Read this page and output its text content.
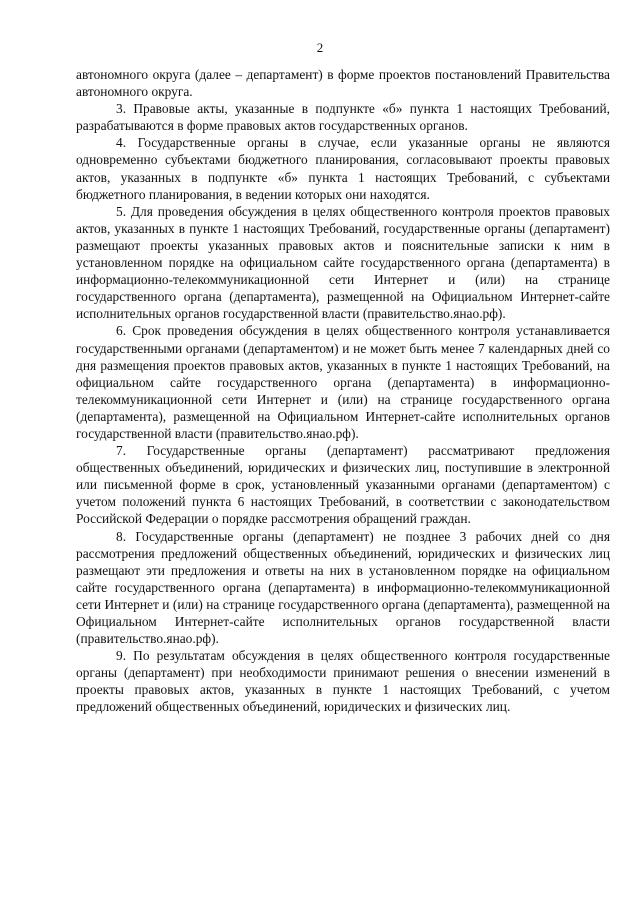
2

автономного округа (далее – департамент) в форме проектов постановлений Правительства автономного округа.

3. Правовые акты, указанные в подпункте «б» пункта 1 настоящих Требований, разрабатываются в форме правовых актов государственных органов.

4. Государственные органы в случае, если указанные органы не являются одновременно субъектами бюджетного планирования, согласовывают проекты правовых актов, указанных в подпункте «б» пункта 1 настоящих Требований, с субъектами бюджетного планирования, в ведении которых они находятся.

5. Для проведения обсуждения в целях общественного контроля проектов правовых актов, указанных в пункте 1 настоящих Требований, государственные органы (департамент) размещают проекты указанных правовых актов и пояснительные записки к ним в установленном порядке на официальном сайте государственного органа (департамента) в информационно-телекоммуникационной сети Интернет и (или) на странице государственного органа (департамента), размещенной на Официальном Интернет-сайте исполнительных органов государственной власти (правительство.янао.рф).

6. Срок проведения обсуждения в целях общественного контроля устанавливается государственными органами (департаментом) и не может быть менее 7 календарных дней со дня размещения проектов правовых актов, указанных в пункте 1 настоящих Требований, на официальном сайте государственного органа (департамента) в информационно-телекоммуникационной сети Интернет и (или) на странице государственного органа (департамента), размещенной на Официальном Интернет-сайте исполнительных органов государственной власти (правительство.янао.рф).

7. Государственные органы (департамент) рассматривают предложения общественных объединений, юридических и физических лиц, поступившие в электронной или письменной форме в срок, установленный указанными органами (департаментом) с учетом положений пункта 6 настоящих Требований, в соответствии с законодательством Российской Федерации о порядке рассмотрения обращений граждан.

8. Государственные органы (департамент) не позднее 3 рабочих дней со дня рассмотрения предложений общественных объединений, юридических и физических лиц размещают эти предложения и ответы на них в установленном порядке на официальном сайте государственного органа (департамента) в информационно-телекоммуникационной сети Интернет и (или) на странице государственного органа (департамента), размещенной на Официальном Интернет-сайте исполнительных органов государственной власти (правительство.янао.рф).

9. По результатам обсуждения в целях общественного контроля государственные органы (департамент) при необходимости принимают решения о внесении изменений в проекты правовых актов, указанных в пункте 1 настоящих Требований, с учетом предложений общественных объединений, юридических и физических лиц.
